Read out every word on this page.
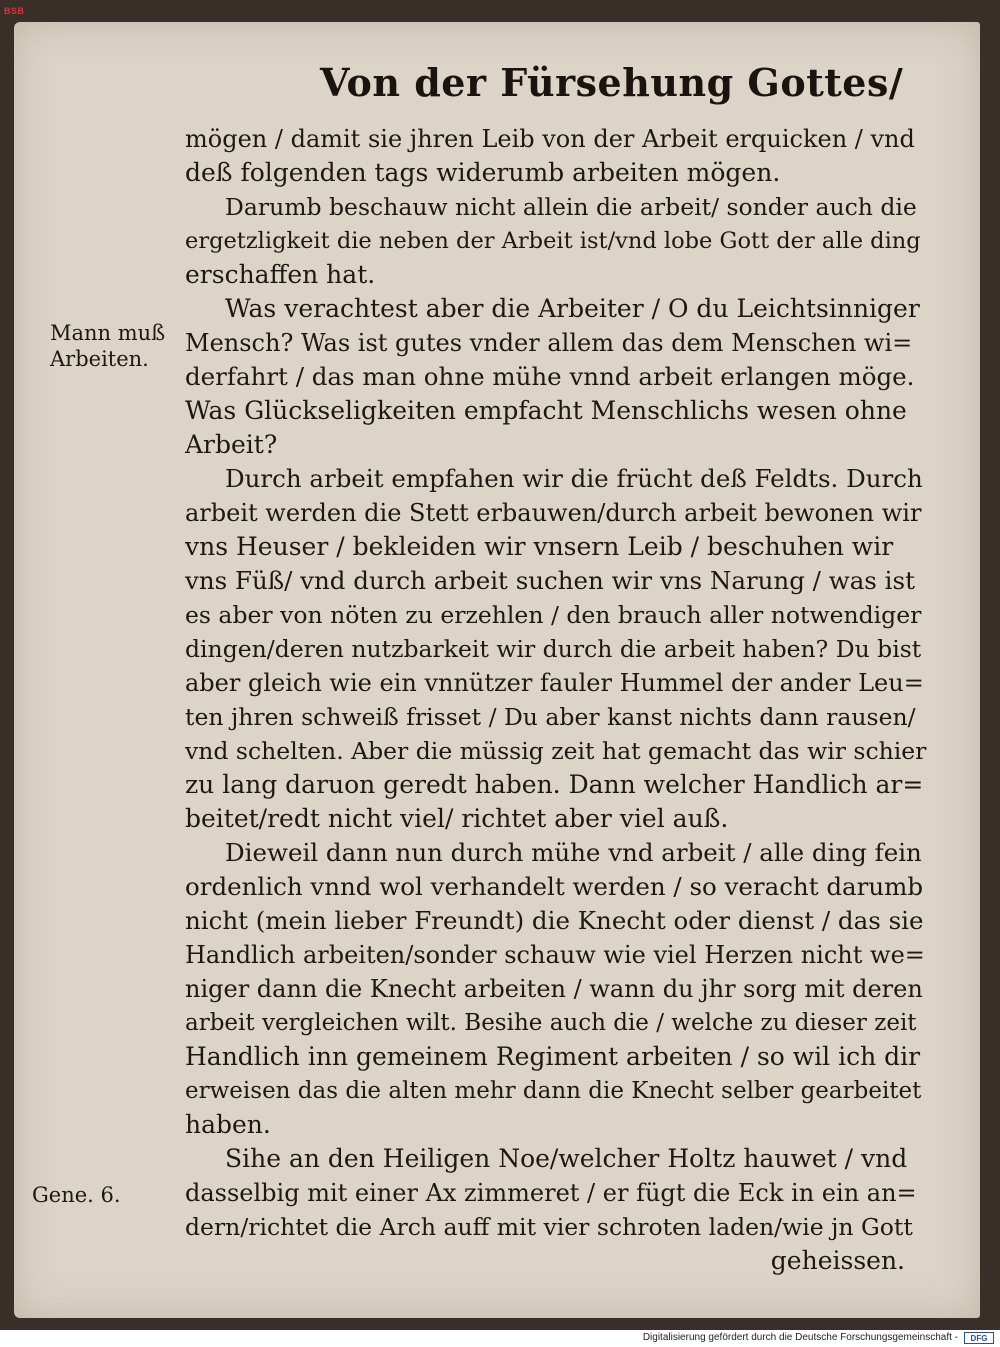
BSB
Von der Fürsehung Gottes/
Mann muß
Arbeiten.
Gene. 6.
mögen / damit sie jhren Leib von der Arbeit erquicken / vnd
deß folgenden tags widerumb arbeiten mögen.
Darumb beschauw nicht allein die arbeit/ sonder auch die
ergetzligkeit die neben der Arbeit ist/vnd lobe Gott der alle ding
erschaffen hat.
Was verachtest aber die Arbeiter / O du Leichtsinniger
Mensch? Was ist gutes vnder allem das dem Menschen wi=
derfahrt / das man ohne mühe vnnd arbeit erlangen möge.
Was Glückseligkeiten empfacht Menschlichs wesen ohne
Arbeit?
Durch arbeit empfahen wir die frücht deß Feldts. Durch
arbeit werden die Stett erbauwen/durch arbeit bewonen wir
vns Heuser / bekleiden wir vnsern Leib / beschuhen wir
vns Füß/ vnd durch arbeit suchen wir vns Narung / was ist
es aber von nöten zu erzehlen / den brauch aller notwendiger
dingen/deren nutzbarkeit wir durch die arbeit haben? Du bist
aber gleich wie ein vnnützer fauler Hummel der ander Leu=
ten jhren schweiß frisset / Du aber kanst nichts dann rausen/
vnd schelten. Aber die müssig zeit hat gemacht das wir schier
zu lang daruon geredt haben. Dann welcher Handlich ar=
beitet/redt nicht viel/ richtet aber viel auß.
Dieweil dann nun durch mühe vnd arbeit / alle ding fein
ordenlich vnnd wol verhandelt werden / so veracht darumb
nicht (mein lieber Freundt) die Knecht oder dienst / das sie
Handlich arbeiten/sonder schauw wie viel Herzen nicht we=
niger dann die Knecht arbeiten / wann du jhr sorg mit deren
arbeit vergleichen wilt. Besihe auch die / welche zu dieser zeit
Handlich inn gemeinem Regiment arbeiten / so wil ich dir
erweisen das die alten mehr dann die Knecht selber gearbeitet
haben.
Sihe an den Heiligen Noe/welcher Holtz hauwet / vnd
dasselbig mit einer Ax zimmeret / er fügt die Eck in ein an=
dern/richtet die Arch auff mit vier schroten laden/wie jn Gott
geheissen.
Digitalisierung gefördert durch die Deutsche Forschungsgemeinschaft -	DFG
